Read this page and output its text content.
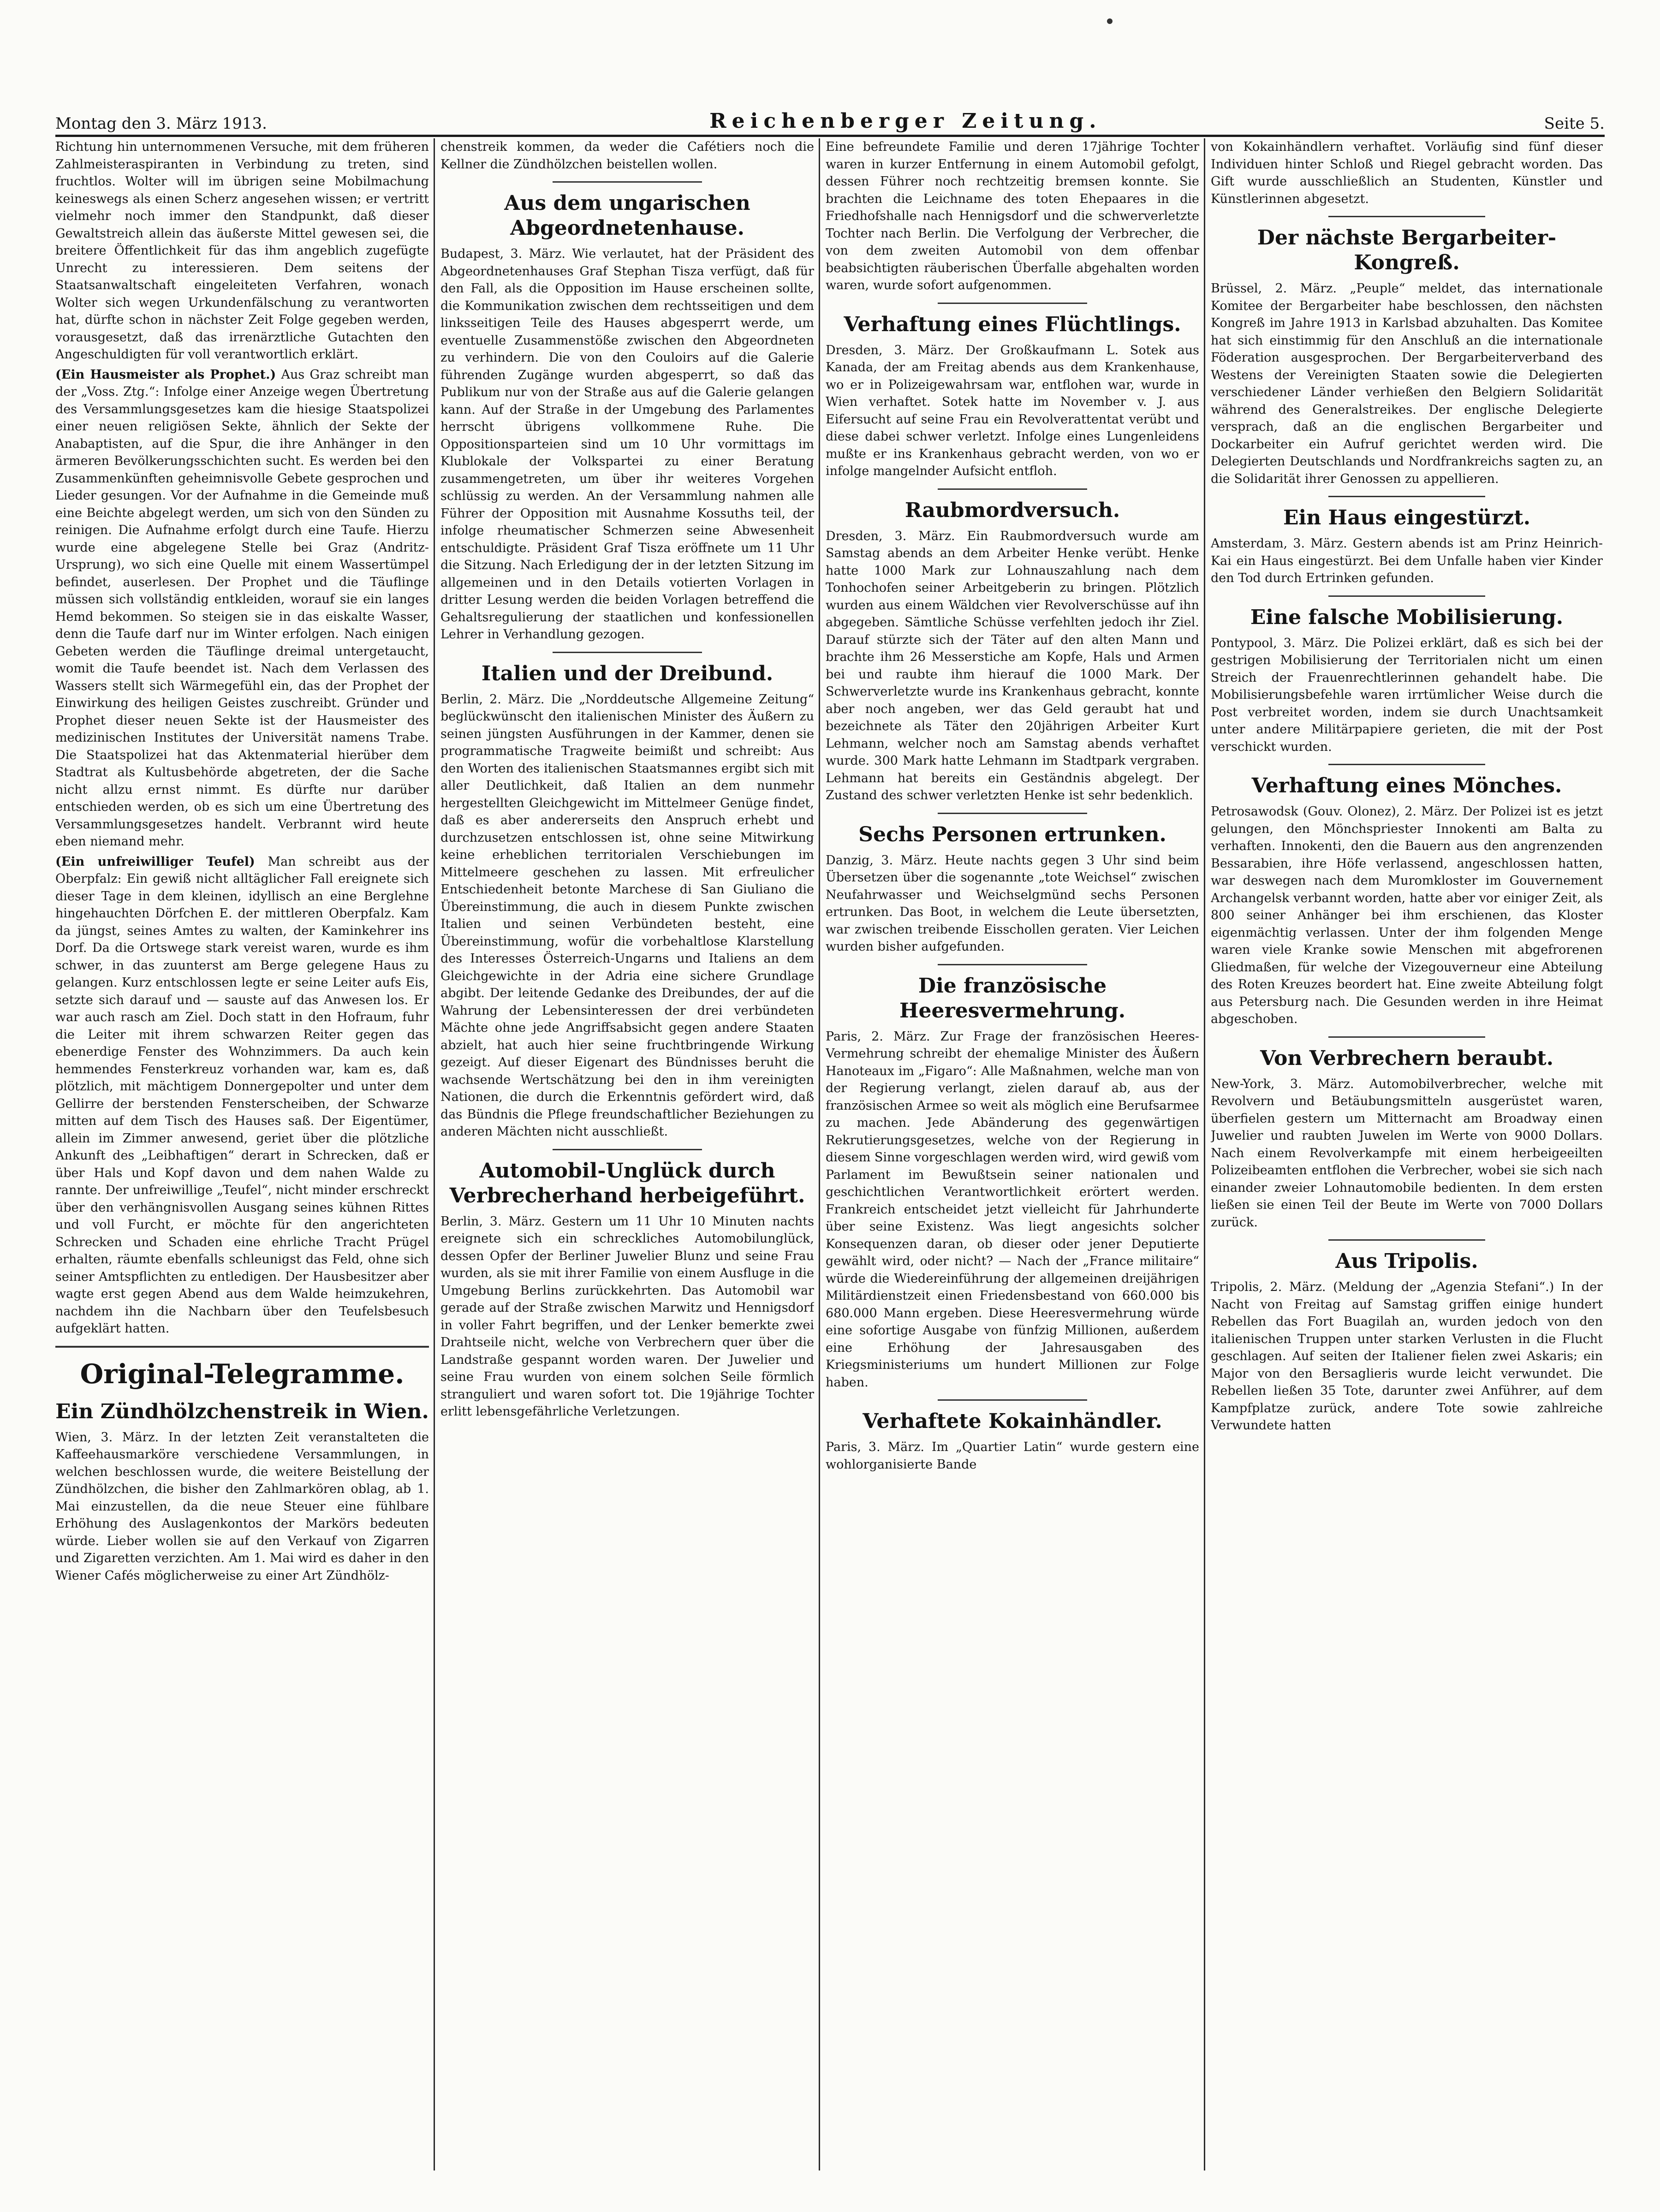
Montag den 3. März 1913.	Reichenberger Zeitung.	Seite 5.

Richtung hin unternommenen Versuche, mit dem früheren Zahlmeisteraspiranten in Verbindung zu treten, sind fruchtlos. Wolter will im übrigen seine Mobilmachung keineswegs als einen Scherz angesehen wissen; er vertritt vielmehr noch immer den Standpunkt, daß dieser Gewaltstreich allein das äußerste Mittel gewesen sei, die breitere Öffentlichkeit für das ihm angeblich zugefügte Unrecht zu interessieren. Dem seitens der Staatsanwaltschaft eingeleiteten Verfahren, wonach Wolter sich wegen Urkundenfälschung zu verantworten hat, dürfte schon in nächster Zeit Folge gegeben werden, vorausgesetzt, daß das irrenärztliche Gutachten den Angeschuldigten für voll verantwortlich erklärt.

(Ein Hausmeister als Prophet.) Aus Graz schreibt man der „Voss. Ztg.“: Infolge einer Anzeige wegen Übertretung des Versammlungsgesetzes kam die hiesige Staatspolizei einer neuen religiösen Sekte, ähnlich der Sekte der Anabaptisten, auf die Spur, die ihre Anhänger in den ärmeren Bevölkerungsschichten sucht. Es werden bei den Zusammenkünften geheimnisvolle Gebete gesprochen und Lieder gesungen. Vor der Aufnahme in die Gemeinde muß eine Beichte abgelegt werden, um sich von den Sünden zu reinigen. Die Aufnahme erfolgt durch eine Taufe. Hierzu wurde eine abgelegene Stelle bei Graz (Andritz-Ursprung), wo sich eine Quelle mit einem Wassertümpel befindet, auserlesen. Der Prophet und die Täuflinge müssen sich vollständig entkleiden, worauf sie ein langes Hemd bekommen. So steigen sie in das eiskalte Wasser, denn die Taufe darf nur im Winter erfolgen. Nach einigen Gebeten werden die Täuflinge dreimal untergetaucht, womit die Taufe beendet ist. Nach dem Verlassen des Wassers stellt sich Wärmegefühl ein, das der Prophet der Einwirkung des heiligen Geistes zuschreibt. Gründer und Prophet dieser neuen Sekte ist der Hausmeister des medizinischen Institutes der Universität namens Trabe. Die Staatspolizei hat das Aktenmaterial hierüber dem Stadtrat als Kultusbehörde abgetreten, der die Sache nicht allzu ernst nimmt. Es dürfte nur darüber entschieden werden, ob es sich um eine Übertretung des Versammlungsgesetzes handelt. Verbrannt wird heute eben niemand mehr.

(Ein unfreiwilliger Teufel) Man schreibt aus der Oberpfalz: Ein gewiß nicht alltäglicher Fall ereignete sich dieser Tage in dem kleinen, idyllisch an eine Berglehne hingehauchten Dörfchen E. der mittleren Oberpfalz. Kam da jüngst, seines Amtes zu walten, der Kaminkehrer ins Dorf. Da die Ortswege stark vereist waren, wurde es ihm schwer, in das zuunterst am Berge gelegene Haus zu gelangen. Kurz entschlossen legte er seine Leiter aufs Eis, setzte sich darauf und — sauste auf das Anwesen los. Er war auch rasch am Ziel. Doch statt in den Hofraum, fuhr die Leiter mit ihrem schwarzen Reiter gegen das ebenerdige Fenster des Wohnzimmers. Da auch kein hemmendes Fensterkreuz vorhanden war, kam es, daß plötzlich, mit mächtigem Donnergepolter und unter dem Gellirre der berstenden Fensterscheiben, der Schwarze mitten auf dem Tisch des Hauses saß. Der Eigentümer, allein im Zimmer anwesend, geriet über die plötzliche Ankunft des „Leibhaftigen“ derart in Schrecken, daß er über Hals und Kopf davon und dem nahen Walde zu rannte. Der unfreiwillige „Teufel“, nicht minder erschreckt über den verhängnisvollen Ausgang seines kühnen Rittes und voll Furcht, er möchte für den angerichteten Schrecken und Schaden eine ehrliche Tracht Prügel erhalten, räumte ebenfalls schleunigst das Feld, ohne sich seiner Amtspflichten zu entledigen. Der Hausbesitzer aber wagte erst gegen Abend aus dem Walde heimzukehren, nachdem ihn die Nachbarn über den Teufelsbesuch aufgeklärt hatten.

Original-Telegramme.
Ein Zündhölzchenstreik in Wien.

Wien, 3. März. In der letzten Zeit veranstalteten die Kaffeehausmarköre verschiedene Versammlungen, in welchen beschlossen wurde, die weitere Beistellung der Zündhölzchen, die bisher den Zahlmarkören oblag, ab 1. Mai einzustellen, da die neue Steuer eine fühlbare Erhöhung des Auslagenkontos der Markörs bedeuten würde. Lieber wollen sie auf den Verkauf von Zigarren und Zigaretten verzichten. Am 1. Mai wird es daher in den Wiener Cafés möglicherweise zu einer Art Zündhölz-

chenstreik kommen, da weder die Cafétiers noch die Kellner die Zündhölzchen beistellen wollen.

Aus dem ungarischen Abgeordnetenhause.

Budapest, 3. März. Wie verlautet, hat der Präsident des Abgeordnetenhauses Graf Stephan Tisza verfügt, daß für den Fall, als die Opposition im Hause erscheinen sollte, die Kommunikation zwischen dem rechtsseitigen und dem linksseitigen Teile des Hauses abgesperrt werde, um eventuelle Zusammenstöße zwischen den Abgeordneten zu verhindern. Die von den Couloirs auf die Galerie führenden Zugänge wurden abgesperrt, so daß das Publikum nur von der Straße aus auf die Galerie gelangen kann. Auf der Straße in der Umgebung des Parlamentes herrscht übrigens vollkommene Ruhe. Die Oppositionsparteien sind um 10 Uhr vormittags im Klublokale der Volkspartei zu einer Beratung zusammengetreten, um über ihr weiteres Vorgehen schlüssig zu werden. An der Versammlung nahmen alle Führer der Opposition mit Ausnahme Kossuths teil, der infolge rheumatischer Schmerzen seine Abwesenheit entschuldigte. Präsident Graf Tisza eröffnete um 11 Uhr die Sitzung. Nach Erledigung der in der letzten Sitzung im allgemeinen und in den Details votierten Vorlagen in dritter Lesung werden die beiden Vorlagen betreffend die Gehaltsregulierung der staatlichen und konfessionellen Lehrer in Verhandlung gezogen.

Italien und der Dreibund.

Berlin, 2. März. Die „Norddeutsche Allgemeine Zeitung“ beglückwünscht den italienischen Minister des Äußern zu seinen jüngsten Ausführungen in der Kammer, denen sie programmatische Tragweite beimißt und schreibt: Aus den Worten des italienischen Staatsmannes ergibt sich mit aller Deutlichkeit, daß Italien an dem nunmehr hergestellten Gleichgewicht im Mittelmeer Genüge findet, daß es aber andererseits den Anspruch erhebt und durchzusetzen entschlossen ist, ohne seine Mitwirkung keine erheblichen territorialen Verschiebungen im Mittelmeere geschehen zu lassen. Mit erfreulicher Entschiedenheit betonte Marchese di San Giuliano die Übereinstimmung, die auch in diesem Punkte zwischen Italien und seinen Verbündeten besteht, eine Übereinstimmung, wofür die vorbehaltlose Klarstellung des Interesses Österreich-Ungarns und Italiens an dem Gleichgewichte in der Adria eine sichere Grundlage abgibt. Der leitende Gedanke des Dreibundes, der auf die Wahrung der Lebensinteressen der drei verbündeten Mächte ohne jede Angriffsabsicht gegen andere Staaten abzielt, hat auch hier seine fruchtbringende Wirkung gezeigt. Auf dieser Eigenart des Bündnisses beruht die wachsende Wertschätzung bei den in ihm vereinigten Nationen, die durch die Erkenntnis gefördert wird, daß das Bündnis die Pflege freundschaftlicher Beziehungen zu anderen Mächten nicht ausschließt.

Automobil-Unglück durch
Verbrecherhand herbeigeführt.

Berlin, 3. März. Gestern um 11 Uhr 10 Minuten nachts ereignete sich ein schreckliches Automobilunglück, dessen Opfer der Berliner Juwelier Blunz und seine Frau wurden, als sie mit ihrer Familie von einem Ausfluge in die Umgebung Berlins zurückkehrten. Das Automobil war gerade auf der Straße zwischen Marwitz und Hennigsdorf in voller Fahrt begriffen, und der Lenker bemerkte zwei Drahtseile nicht, welche von Verbrechern quer über die Landstraße gespannt worden waren. Der Juwelier und seine Frau wurden von einem solchen Seile förmlich stranguliert und waren sofort tot. Die 19jährige Tochter erlitt lebensgefährliche Verletzungen.

Eine befreundete Familie und deren 17jährige Tochter waren in kurzer Entfernung in einem Automobil gefolgt, dessen Führer noch rechtzeitig bremsen konnte. Sie brachten die Leichname des toten Ehepaares in die Friedhofshalle nach Hennigsdorf und die schwerverletzte Tochter nach Berlin. Die Verfolgung der Verbrecher, die von dem zweiten Automobil von dem offenbar beabsichtigten räuberischen Überfalle abgehalten worden waren, wurde sofort aufgenommen.

Verhaftung eines Flüchtlings.

Dresden, 3. März. Der Großkaufmann L. Sotek aus Kanada, der am Freitag abends aus dem Krankenhause, wo er in Polizeigewahrsam war, entflohen war, wurde in Wien verhaftet. Sotek hatte im November v. J. aus Eifersucht auf seine Frau ein Revolverattentat verübt und diese dabei schwer verletzt. Infolge eines Lungenleidens mußte er ins Krankenhaus gebracht werden, von wo er infolge mangelnder Aufsicht entfloh.

Raubmordversuch.

Dresden, 3. März. Ein Raubmordversuch wurde am Samstag abends an dem Arbeiter Henke verübt. Henke hatte 1000 Mark zur Lohnauszahlung nach dem Tonhochofen seiner Arbeitgeberin zu bringen. Plötzlich wurden aus einem Wäldchen vier Revolverschüsse auf ihn abgegeben. Sämtliche Schüsse verfehlten jedoch ihr Ziel. Darauf stürzte sich der Täter auf den alten Mann und brachte ihm 26 Messerstiche am Kopfe, Hals und Armen bei und raubte ihm hierauf die 1000 Mark. Der Schwerverletzte wurde ins Krankenhaus gebracht, konnte aber noch angeben, wer das Geld geraubt hat und bezeichnete als Täter den 20jährigen Arbeiter Kurt Lehmann, welcher noch am Samstag abends verhaftet wurde. 300 Mark hatte Lehmann im Stadtpark vergraben. Lehmann hat bereits ein Geständnis abgelegt. Der Zustand des schwer verletzten Henke ist sehr bedenklich.

Sechs Personen ertrunken.

Danzig, 3. März. Heute nachts gegen 3 Uhr sind beim Übersetzen über die sogenannte „tote Weichsel“ zwischen Neufahrwasser und Weichselgmünd sechs Personen ertrunken. Das Boot, in welchem die Leute übersetzten, war zwischen treibende Eisschollen geraten. Vier Leichen wurden bisher aufgefunden.

Die französische Heeresvermehrung.

Paris, 2. März. Zur Frage der französischen Heeres-Vermehrung schreibt der ehemalige Minister des Äußern Hanoteaux im „Figaro“: Alle Maßnahmen, welche man von der Regierung verlangt, zielen darauf ab, aus der französischen Armee so weit als möglich eine Berufsarmee zu machen. Jede Abänderung des gegenwärtigen Rekrutierungsgesetzes, welche von der Regierung in diesem Sinne vorgeschlagen werden wird, wird gewiß vom Parlament im Bewußtsein seiner nationalen und geschichtlichen Verantwortlichkeit erörtert werden. Frankreich entscheidet jetzt vielleicht für Jahrhunderte über seine Existenz. Was liegt angesichts solcher Konsequenzen daran, ob dieser oder jener Deputierte gewählt wird, oder nicht? — Nach der „France militaire“ würde die Wiedereinführung der allgemeinen dreijährigen Militärdienstzeit einen Friedensbestand von 660.000 bis 680.000 Mann ergeben. Diese Heeresvermehrung würde eine sofortige Ausgabe von fünfzig Millionen, außerdem eine Erhöhung der Jahresausgaben des Kriegsministeriums um hundert Millionen zur Folge haben.

Verhaftete Kokainhändler.

Paris, 3. März. Im „Quartier Latin“ wurde gestern eine wohlorganisierte Bande

von Kokainhändlern verhaftet. Vorläufig sind fünf dieser Individuen hinter Schloß und Riegel gebracht worden. Das Gift wurde ausschließlich an Studenten, Künstler und Künstlerinnen abgesetzt.

Der nächste Bergarbeiter-Kongreß.

Brüssel, 2. März. „Peuple“ meldet, das internationale Komitee der Bergarbeiter habe beschlossen, den nächsten Kongreß im Jahre 1913 in Karlsbad abzuhalten. Das Komitee hat sich einstimmig für den Anschluß an die internationale Föderation ausgesprochen. Der Bergarbeiterverband des Westens der Vereinigten Staaten sowie die Delegierten verschiedener Länder verhießen den Belgiern Solidarität während des Generalstreikes. Der englische Delegierte versprach, daß an die englischen Bergarbeiter und Dockarbeiter ein Aufruf gerichtet werden wird. Die Delegierten Deutschlands und Nordfrankreichs sagten zu, an die Solidarität ihrer Genossen zu appellieren.

Ein Haus eingestürzt.

Amsterdam, 3. März. Gestern abends ist am Prinz Heinrich-Kai ein Haus eingestürzt. Bei dem Unfalle haben vier Kinder den Tod durch Ertrinken gefunden.

Eine falsche Mobilisierung.

Pontypool, 3. März. Die Polizei erklärt, daß es sich bei der gestrigen Mobilisierung der Territorialen nicht um einen Streich der Frauenrechtlerinnen gehandelt habe. Die Mobilisierungsbefehle waren irrtümlicher Weise durch die Post verbreitet worden, indem sie durch Unachtsamkeit unter andere Militärpapiere gerieten, die mit der Post verschickt wurden.

Verhaftung eines Mönches.

Petrosawodsk (Gouv. Olonez), 2. März. Der Polizei ist es jetzt gelungen, den Mönchspriester Innokenti am Balta zu verhaften. Innokenti, den die Bauern aus den angrenzenden Bessarabien, ihre Höfe verlassend, angeschlossen hatten, war deswegen nach dem Muromkloster im Gouvernement Archangelsk verbannt worden, hatte aber vor einiger Zeit, als 800 seiner Anhänger bei ihm erschienen, das Kloster eigenmächtig verlassen. Unter der ihm folgenden Menge waren viele Kranke sowie Menschen mit abgefrorenen Gliedmaßen, für welche der Vizegouverneur eine Abteilung des Roten Kreuzes beordert hat. Eine zweite Abteilung folgt aus Petersburg nach. Die Gesunden werden in ihre Heimat abgeschoben.

Von Verbrechern beraubt.

New-York, 3. März. Automobilverbrecher, welche mit Revolvern und Betäubungsmitteln ausgerüstet waren, überfielen gestern um Mitternacht am Broadway einen Juwelier und raubten Juwelen im Werte von 9000 Dollars. Nach einem Revolverkampfe mit einem herbeigeeilten Polizeibeamten entflohen die Verbrecher, wobei sie sich nach einander zweier Lohnautomobile bedienten. In dem ersten ließen sie einen Teil der Beute im Werte von 7000 Dollars zurück.

Aus Tripolis.

Tripolis, 2. März. (Meldung der „Agenzia Stefani“.) In der Nacht von Freitag auf Samstag griffen einige hundert Rebellen das Fort Buagilah an, wurden jedoch von den italienischen Truppen unter starken Verlusten in die Flucht geschlagen. Auf seiten der Italiener fielen zwei Askaris; ein Major von den Bersaglieris wurde leicht verwundet. Die Rebellen ließen 35 Tote, darunter zwei Anführer, auf dem Kampfplatze zurück, andere Tote sowie zahlreiche Verwundete hatten
